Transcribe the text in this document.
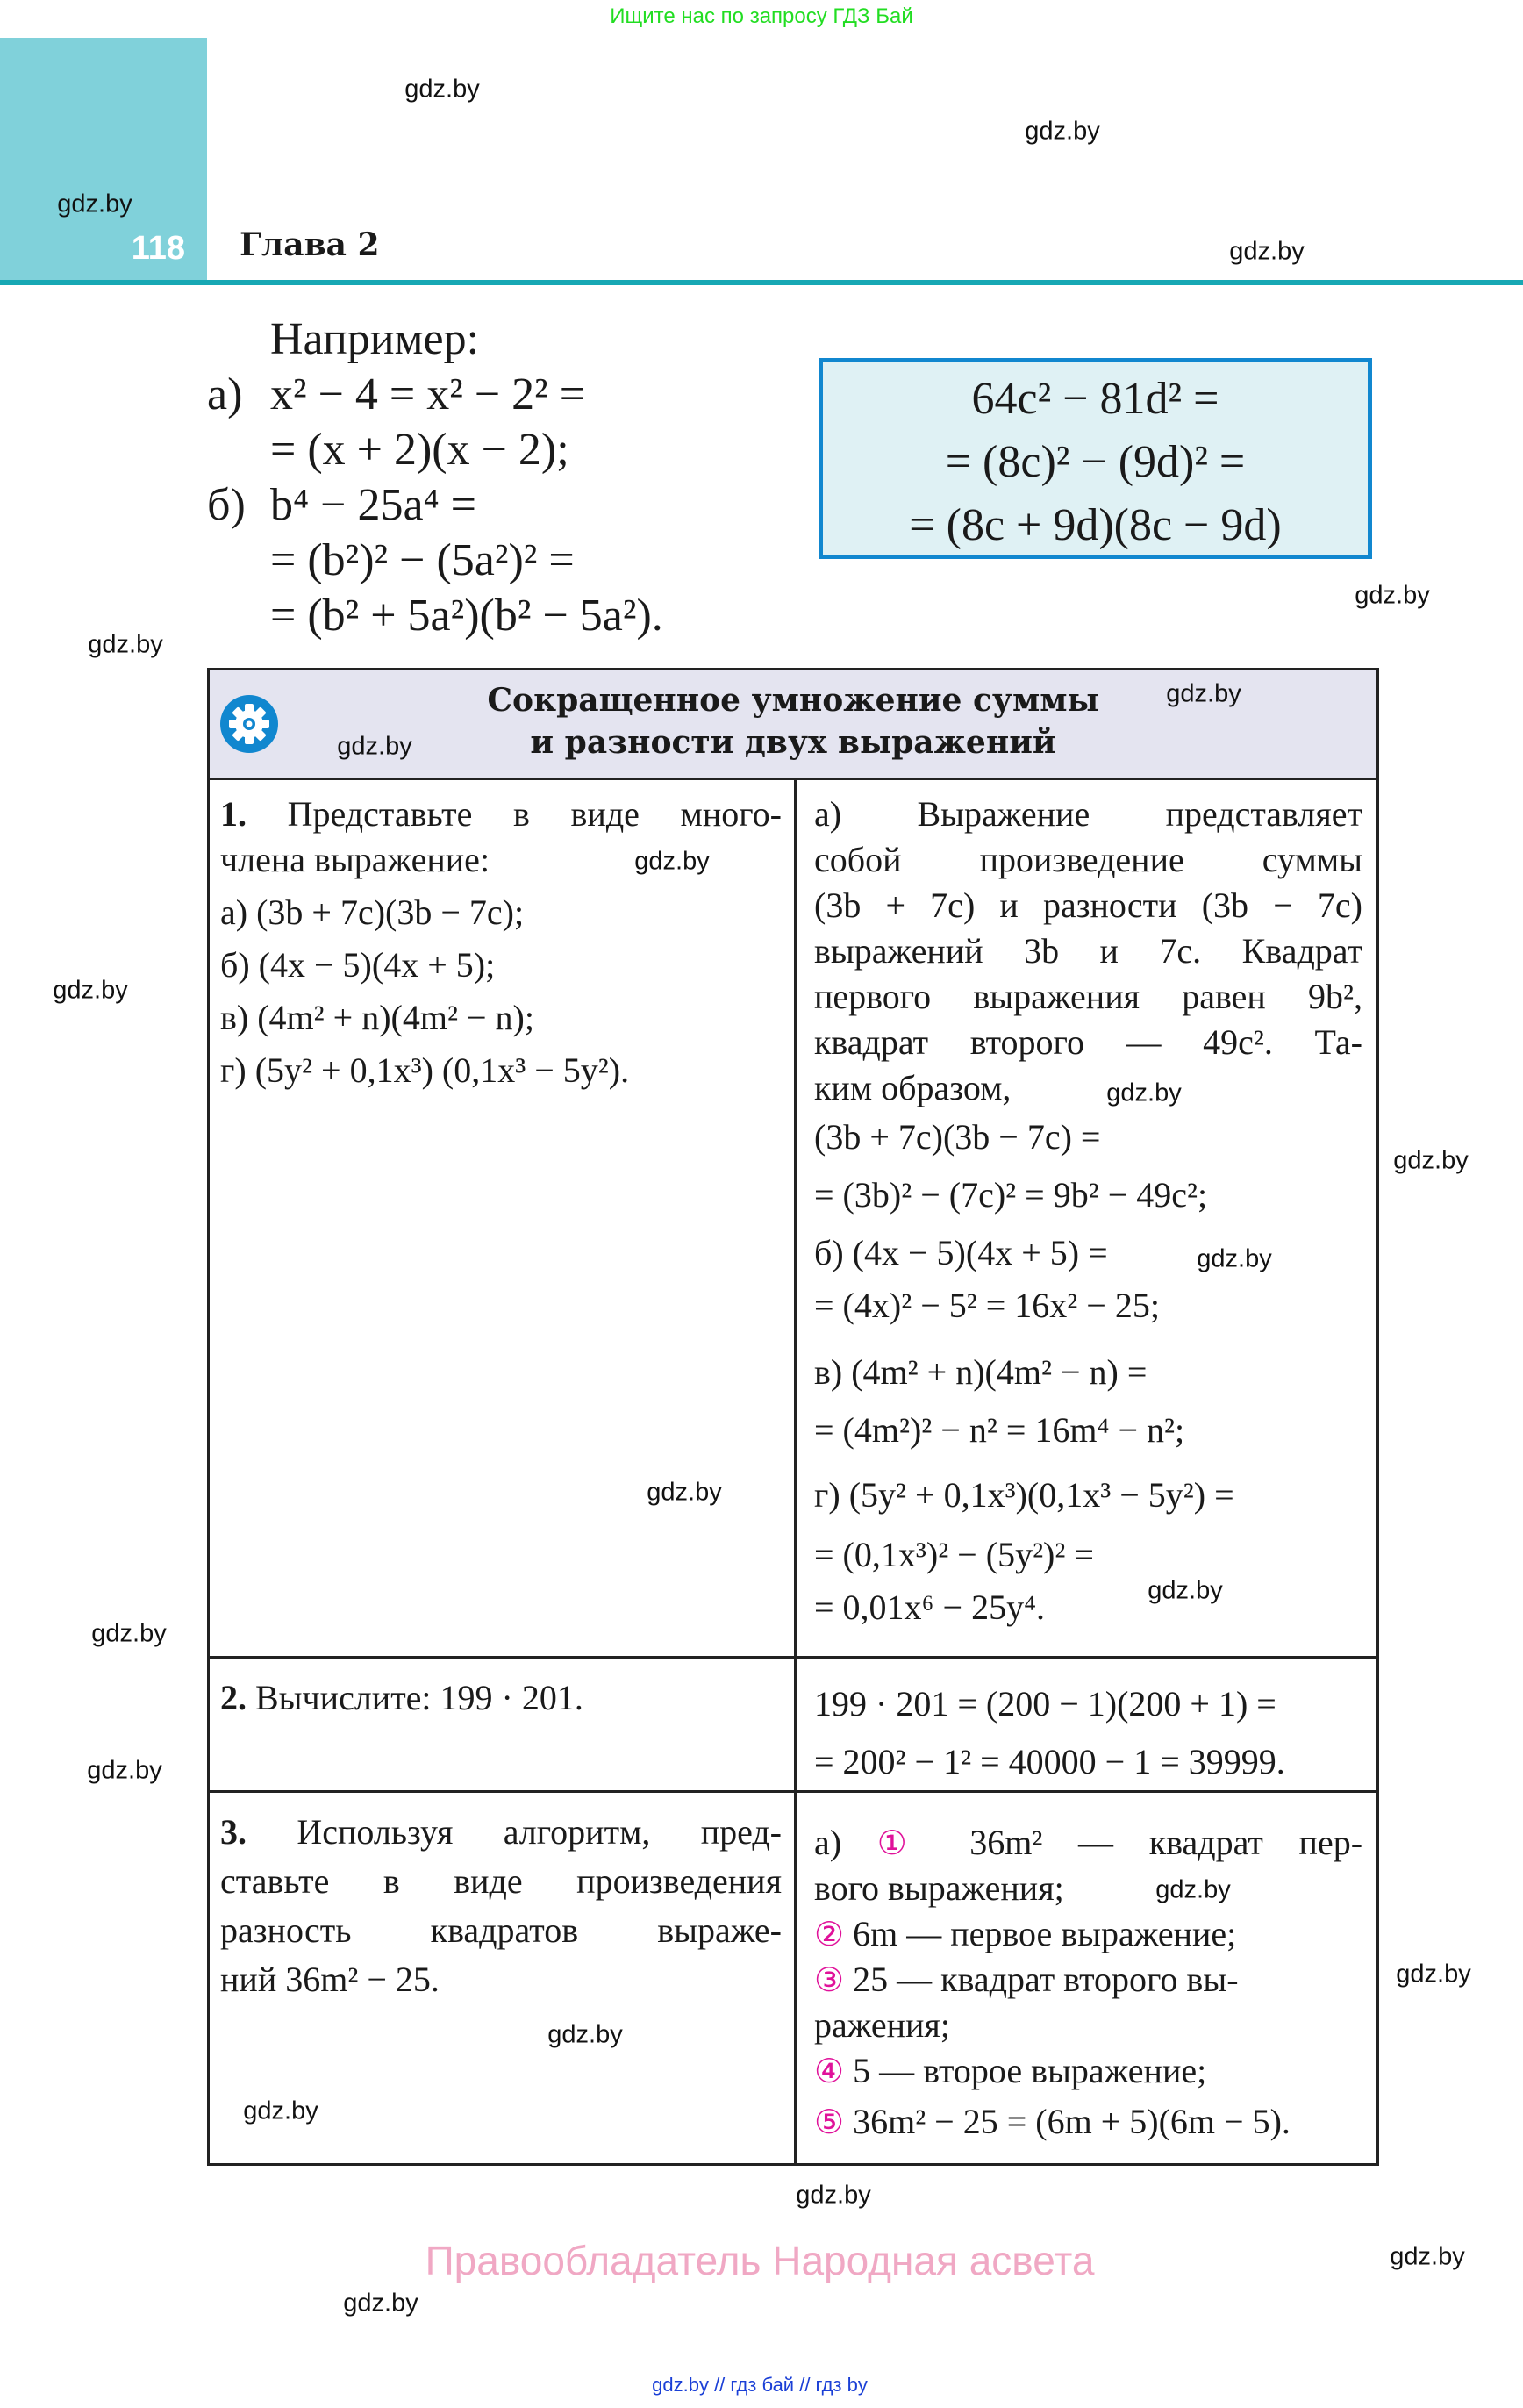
Ищите нас по запросу ГДЗ Бай
118 Глава 2
Например:
а) x² − 4 = x² − 2² =
= (x + 2)(x − 2);
б) b⁴ − 25a⁴ =
= (b²)² − (5a²)² =
= (b² + 5a²)(b² − 5a²).
64c² − 81d² =
= (8c)² − (9d)² =
= (8c + 9d)(8c − 9d)
Сокращенное умножение суммы
и разности двух выражений

1. Представьте в виде много-

члена выражение:

а) (3b + 7c)(3b − 7c);

б) (4x − 5)(4x + 5);

в) (4m² + n)(4m² − n);

г) (5y² + 0,1x³) (0,1x³ − 5y²).

а) Выражение представляет

собой произведение суммы

(3b + 7c) и разности (3b − 7c)

выражений 3b и 7c. Квадрат

первого выражения равен 9b²,

квадрат второго — 49c². Та-

ким образом,

(3b + 7c)(3b − 7c) =

= (3b)² − (7c)² = 9b² − 49c²;

б) (4x − 5)(4x + 5) =

= (4x)² − 5² = 16x² − 25;

в) (4m² + n)(4m² − n) =

= (4m²)² − n² = 16m⁴ − n²;

г) (5y² + 0,1x³)(0,1x³ − 5y²) =

= (0,1x³)² − (5y²)² =

= 0,01x⁶ − 25y⁴.

2. Вычислите: 199 · 201.	199 · 201 = (200 − 1)(200 + 1) =

= 200² − 1² = 40000 − 1 = 39999.

3. Используя алгоритм, пред-

ставьте в виде произведения

разность квадратов выраже-

ний 36m² − 25.

а) ① 36m² — квадрат пер-

вого выражения;

② 6m — первое выражение;

③ 25 — квадрат второго вы-

ражения;

④ 5 — второе выражение;

⑤ 36m² − 25 = (6m + 5)(6m − 5).

gdz.by
gdz.by
gdz.by
gdz.by
gdz.by
gdz.by
gdz.by
gdz.by
gdz.by
gdz.by
gdz.by
gdz.by
gdz.by
gdz.by
gdz.by
gdz.by
gdz.by
gdz.by
gdz.by
gdz.by
gdz.by
gdz.by
gdz.by
gdz.by
Правообладатель Народная асвета
gdz.by // гдз бай // гдз by
